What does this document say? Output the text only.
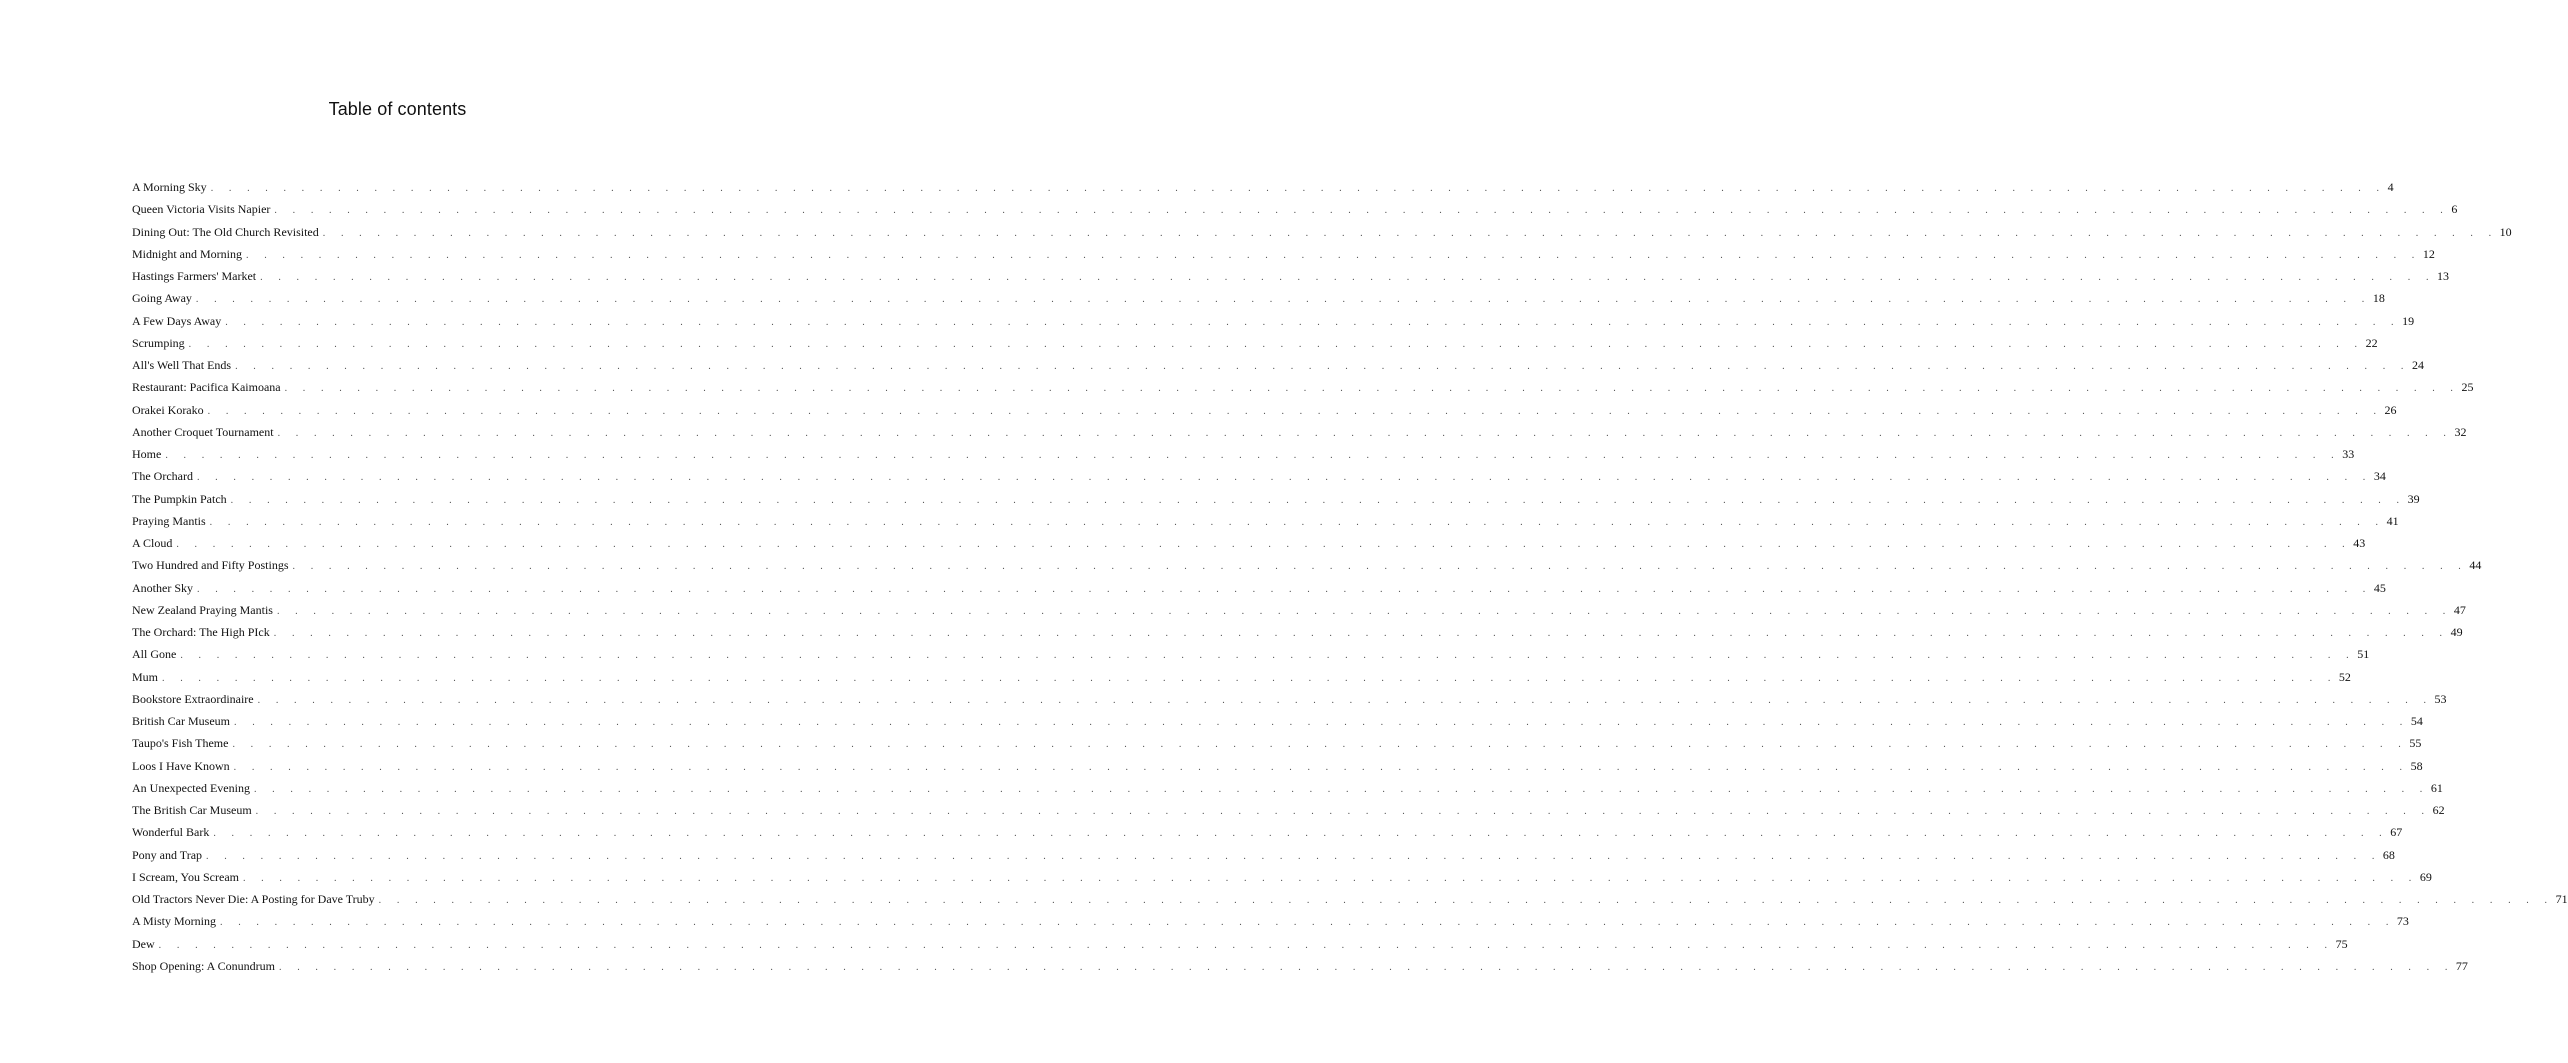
Table of contents
A Morning Sky . . . . . . . . . . . . . . . . . . . . . . . . . . . . . . . . . . . . . . . . . . . . . . . . . . . . . . . . . . . . . . . . . . . . . . . . . . . . . . . . . . . . . . . . . . . . . . . . . . . . . . . . . . . . . . . . . . . . . . . . 4
Queen Victoria Visits Napier . . . . . . . . . . . . . . . . . . . . . . . . . . . . . . . . . . . . . . . . . . . . . . . . . . . . . . . . . . . . . . . . . . . . . . . . . . . . . . . . . . . . . . . . . . . . . . . . . . . . . . . . . . . . . . . . . . . . . . . . 6
Dining Out: The Old Church Revisited . . . . . . . . . . . . . . . . . . . . . . . . . . . . . . . . . . . . . . . . . . . . . . . . . . . . . . . . . . . . . . . . . . . . . . . . . . . . . . . . . . . . . . . . . . . . . . . . . . . . . . . . . . . . . . . . . . . . . . . . 10
Midnight and Morning . . . . . . . . . . . . . . . . . . . . . . . . . . . . . . . . . . . . . . . . . . . . . . . . . . . . . . . . . . . . . . . . . . . . . . . . . . . . . . . . . . . . . . . . . . . . . . . . . . . . . . . . . . . . . . . . . . . . . . . . 12
Hastings Farmers' Market . . . . . . . . . . . . . . . . . . . . . . . . . . . . . . . . . . . . . . . . . . . . . . . . . . . . . . . . . . . . . . . . . . . . . . . . . . . . . . . . . . . . . . . . . . . . . . . . . . . . . . . . . . . . . . . . . . . . . . . . 13
Going Away . . . . . . . . . . . . . . . . . . . . . . . . . . . . . . . . . . . . . . . . . . . . . . . . . . . . . . . . . . . . . . . . . . . . . . . . . . . . . . . . . . . . . . . . . . . . . . . . . . . . . . . . . . . . . . . . . . . . . . . . 18
A Few Days Away . . . . . . . . . . . . . . . . . . . . . . . . . . . . . . . . . . . . . . . . . . . . . . . . . . . . . . . . . . . . . . . . . . . . . . . . . . . . . . . . . . . . . . . . . . . . . . . . . . . . . . . . . . . . . . . . . . . . . . . . 19
Scrumping . . . . . . . . . . . . . . . . . . . . . . . . . . . . . . . . . . . . . . . . . . . . . . . . . . . . . . . . . . . . . . . . . . . . . . . . . . . . . . . . . . . . . . . . . . . . . . . . . . . . . . . . . . . . . . . . . . . . . . . . 22
All's Well That Ends . . . . . . . . . . . . . . . . . . . . . . . . . . . . . . . . . . . . . . . . . . . . . . . . . . . . . . . . . . . . . . . . . . . . . . . . . . . . . . . . . . . . . . . . . . . . . . . . . . . . . . . . . . . . . . . . . . . . . . . . 24
Restaurant: Pacifica Kaimoana . . . . . . . . . . . . . . . . . . . . . . . . . . . . . . . . . . . . . . . . . . . . . . . . . . . . . . . . . . . . . . . . . . . . . . . . . . . . . . . . . . . . . . . . . . . . . . . . . . . . . . . . . . . . . . . . . . . . . . . . 25
Orakei Korako . . . . . . . . . . . . . . . . . . . . . . . . . . . . . . . . . . . . . . . . . . . . . . . . . . . . . . . . . . . . . . . . . . . . . . . . . . . . . . . . . . . . . . . . . . . . . . . . . . . . . . . . . . . . . . . . . . . . . . . . 26
Another Croquet Tournament . . . . . . . . . . . . . . . . . . . . . . . . . . . . . . . . . . . . . . . . . . . . . . . . . . . . . . . . . . . . . . . . . . . . . . . . . . . . . . . . . . . . . . . . . . . . . . . . . . . . . . . . . . . . . . . . . . . . . . . . 32
Home . . . . . . . . . . . . . . . . . . . . . . . . . . . . . . . . . . . . . . . . . . . . . . . . . . . . . . . . . . . . . . . . . . . . . . . . . . . . . . . . . . . . . . . . . . . . . . . . . . . . . . . . . . . . . . . . . . . . . . . . 33
The Orchard . . . . . . . . . . . . . . . . . . . . . . . . . . . . . . . . . . . . . . . . . . . . . . . . . . . . . . . . . . . . . . . . . . . . . . . . . . . . . . . . . . . . . . . . . . . . . . . . . . . . . . . . . . . . . . . . . . . . . . . . 34
The Pumpkin Patch . . . . . . . . . . . . . . . . . . . . . . . . . . . . . . . . . . . . . . . . . . . . . . . . . . . . . . . . . . . . . . . . . . . . . . . . . . . . . . . . . . . . . . . . . . . . . . . . . . . . . . . . . . . . . . . . . . . . . . . . 39
Praying Mantis . . . . . . . . . . . . . . . . . . . . . . . . . . . . . . . . . . . . . . . . . . . . . . . . . . . . . . . . . . . . . . . . . . . . . . . . . . . . . . . . . . . . . . . . . . . . . . . . . . . . . . . . . . . . . . . . . . . . . . . . 41
A Cloud . . . . . . . . . . . . . . . . . . . . . . . . . . . . . . . . . . . . . . . . . . . . . . . . . . . . . . . . . . . . . . . . . . . . . . . . . . . . . . . . . . . . . . . . . . . . . . . . . . . . . . . . . . . . . . . . . . . . . . . . 43
Two Hundred and Fifty Postings . . . . . . . . . . . . . . . . . . . . . . . . . . . . . . . . . . . . . . . . . . . . . . . . . . . . . . . . . . . . . . . . . . . . . . . . . . . . . . . . . . . . . . . . . . . . . . . . . . . . . . . . . . . . . . . . . . . . . . . . 44
Another Sky . . . . . . . . . . . . . . . . . . . . . . . . . . . . . . . . . . . . . . . . . . . . . . . . . . . . . . . . . . . . . . . . . . . . . . . . . . . . . . . . . . . . . . . . . . . . . . . . . . . . . . . . . . . . . . . . . . . . . . . . 45
New Zealand Praying Mantis . . . . . . . . . . . . . . . . . . . . . . . . . . . . . . . . . . . . . . . . . . . . . . . . . . . . . . . . . . . . . . . . . . . . . . . . . . . . . . . . . . . . . . . . . . . . . . . . . . . . . . . . . . . . . . . . . . . . . . . . 47
The Orchard: The High PIck . . . . . . . . . . . . . . . . . . . . . . . . . . . . . . . . . . . . . . . . . . . . . . . . . . . . . . . . . . . . . . . . . . . . . . . . . . . . . . . . . . . . . . . . . . . . . . . . . . . . . . . . . . . . . . . . . . . . . . . . 49
All Gone . . . . . . . . . . . . . . . . . . . . . . . . . . . . . . . . . . . . . . . . . . . . . . . . . . . . . . . . . . . . . . . . . . . . . . . . . . . . . . . . . . . . . . . . . . . . . . . . . . . . . . . . . . . . . . . . . . . . . . . . 51
Mum . . . . . . . . . . . . . . . . . . . . . . . . . . . . . . . . . . . . . . . . . . . . . . . . . . . . . . . . . . . . . . . . . . . . . . . . . . . . . . . . . . . . . . . . . . . . . . . . . . . . . . . . . . . . . . . . . . . . . . . . 52
Bookstore Extraordinaire . . . . . . . . . . . . . . . . . . . . . . . . . . . . . . . . . . . . . . . . . . . . . . . . . . . . . . . . . . . . . . . . . . . . . . . . . . . . . . . . . . . . . . . . . . . . . . . . . . . . . . . . . . . . . . . . . . . . . . . . 53
British Car Museum . . . . . . . . . . . . . . . . . . . . . . . . . . . . . . . . . . . . . . . . . . . . . . . . . . . . . . . . . . . . . . . . . . . . . . . . . . . . . . . . . . . . . . . . . . . . . . . . . . . . . . . . . . . . . . . . . . . . . . . . 54
Taupo's Fish Theme . . . . . . . . . . . . . . . . . . . . . . . . . . . . . . . . . . . . . . . . . . . . . . . . . . . . . . . . . . . . . . . . . . . . . . . . . . . . . . . . . . . . . . . . . . . . . . . . . . . . . . . . . . . . . . . . . . . . . . . . 55
Loos I Have Known . . . . . . . . . . . . . . . . . . . . . . . . . . . . . . . . . . . . . . . . . . . . . . . . . . . . . . . . . . . . . . . . . . . . . . . . . . . . . . . . . . . . . . . . . . . . . . . . . . . . . . . . . . . . . . . . . . . . . . . . 58
An Unexpected Evening . . . . . . . . . . . . . . . . . . . . . . . . . . . . . . . . . . . . . . . . . . . . . . . . . . . . . . . . . . . . . . . . . . . . . . . . . . . . . . . . . . . . . . . . . . . . . . . . . . . . . . . . . . . . . . . . . . . . . . . . 61
The British Car Museum . . . . . . . . . . . . . . . . . . . . . . . . . . . . . . . . . . . . . . . . . . . . . . . . . . . . . . . . . . . . . . . . . . . . . . . . . . . . . . . . . . . . . . . . . . . . . . . . . . . . . . . . . . . . . . . . . . . . . . . . 62
Wonderful Bark . . . . . . . . . . . . . . . . . . . . . . . . . . . . . . . . . . . . . . . . . . . . . . . . . . . . . . . . . . . . . . . . . . . . . . . . . . . . . . . . . . . . . . . . . . . . . . . . . . . . . . . . . . . . . . . . . . . . . . . . 67
Pony and Trap . . . . . . . . . . . . . . . . . . . . . . . . . . . . . . . . . . . . . . . . . . . . . . . . . . . . . . . . . . . . . . . . . . . . . . . . . . . . . . . . . . . . . . . . . . . . . . . . . . . . . . . . . . . . . . . . . . . . . . . . 68
I Scream, You Scream . . . . . . . . . . . . . . . . . . . . . . . . . . . . . . . . . . . . . . . . . . . . . . . . . . . . . . . . . . . . . . . . . . . . . . . . . . . . . . . . . . . . . . . . . . . . . . . . . . . . . . . . . . . . . . . . . . . . . . . . 69
Old Tractors Never Die: A Posting for Dave Truby . . . . . . . . . . . . . . . . . . . . . . . . . . . . . . . . . . . . . . . . . . . . . . . . . . . . . . . . . . . . . . . . . . . . . . . . . . . . . . . . . . . . . . . . . . . . . . . . . . . . . . . . . . . . . . . . . . . . . . . . 71
A Misty Morning . . . . . . . . . . . . . . . . . . . . . . . . . . . . . . . . . . . . . . . . . . . . . . . . . . . . . . . . . . . . . . . . . . . . . . . . . . . . . . . . . . . . . . . . . . . . . . . . . . . . . . . . . . . . . . . . . . . . . . . . 73
Dew . . . . . . . . . . . . . . . . . . . . . . . . . . . . . . . . . . . . . . . . . . . . . . . . . . . . . . . . . . . . . . . . . . . . . . . . . . . . . . . . . . . . . . . . . . . . . . . . . . . . . . . . . . . . . . . . . . . . . . . . 75
Shop Opening: A Conundrum . . . . . . . . . . . . . . . . . . . . . . . . . . . . . . . . . . . . . . . . . . . . . . . . . . . . . . . . . . . . . . . . . . . . . . . . . . . . . . . . . . . . . . . . . . . . . . . . . . . . . . . . . . . . . . . . . . . . . . . . 77
